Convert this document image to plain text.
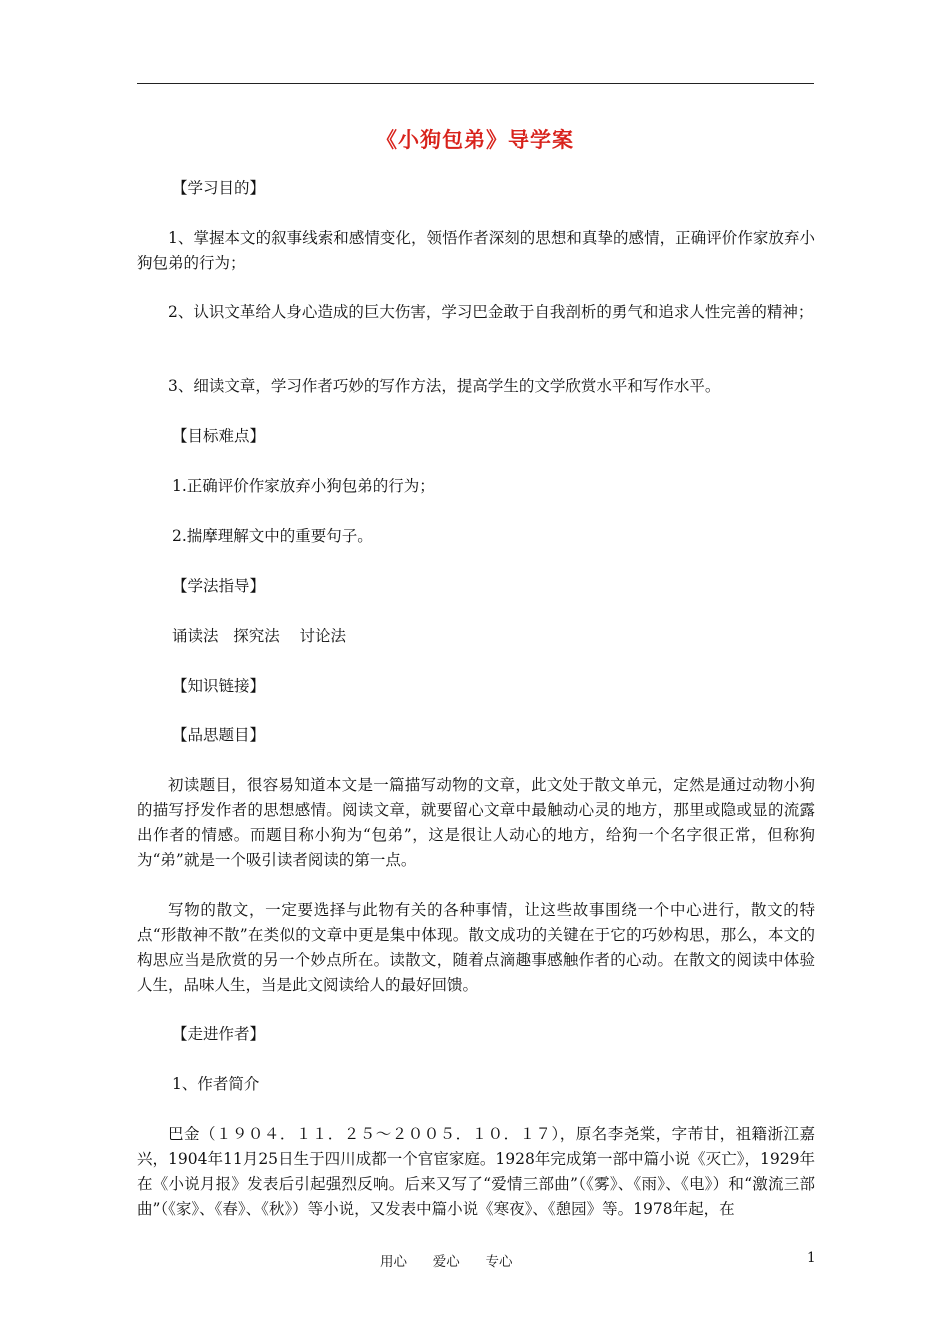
《小狗包弟》导学案
【学习目的】
1、掌握本文的叙事线索和感情变化，领悟作者深刻的思想和真挚的感情，正确评价作家放弃小狗包弟的行为；
2、认识文革给人身心造成的巨大伤害，学习巴金敢于自我剖析的勇气和追求人性完善的精神；
3、细读文章，学习作者巧妙的写作方法，提高学生的文学欣赏水平和写作水平。
【目标难点】
1.正确评价作家放弃小狗包弟的行为；
2.揣摩理解文中的重要句子。
【学法指导】
诵读法   探究法    讨论法
【知识链接】
【品思题目】
初读题目，很容易知道本文是一篇描写动物的文章，此文处于散文单元，定然是通过动物小狗的描写抒发作者的思想感情。阅读文章，就要留心文章中最触动心灵的地方，那里或隐或显的流露出作者的情感。而题目称小狗为“包弟”，这是很让人动心的地方，给狗一个名字很正常，但称狗为“弟”就是一个吸引读者阅读的第一点。
写物的散文，一定要选择与此物有关的各种事情，让这些故事围绕一个中心进行，散文的特点“形散神不散”在类似的文章中更是集中体现。散文成功的关键在于它的巧妙构思，那么，本文的构思应当是欣赏的另一个妙点所在。读散文，随着点滴趣事感触作者的心动。在散文的阅读中体验人生，品味人生，当是此文阅读给人的最好回馈。
【走进作者】
1、作者简介
巴金（１９０４．１１．２５～２００５．１０．１７），原名李尧棠，字芾甘，祖籍浙江嘉兴，1904年11月25日生于四川成都一个官宦家庭。1928年完成第一部中篇小说《灭亡》，1929年在《小说月报》发表后引起强烈反响。后来又写了“爱情三部曲”（《雾》、《雨》、《电》）和“激流三部曲”（《家》、《春》、《秋》）等小说，又发表中篇小说《寒夜》、《憩园》等。1978年起，在
用心      爱心      专心	1
